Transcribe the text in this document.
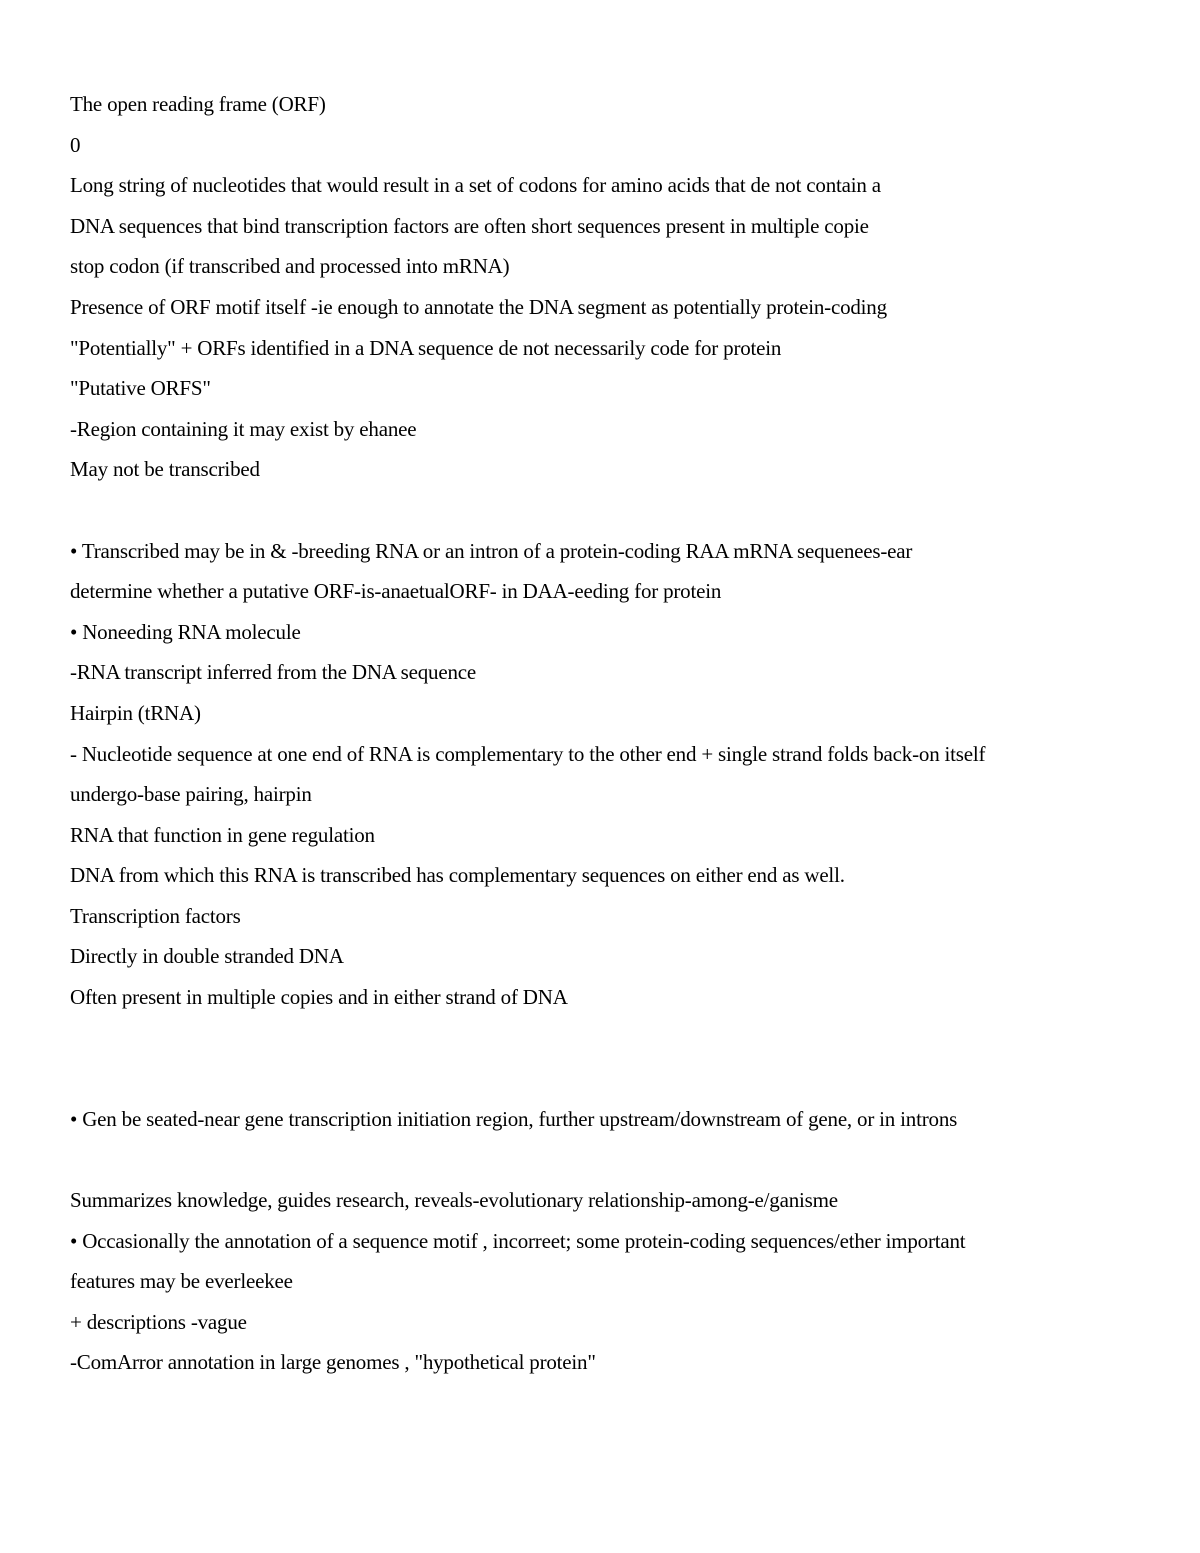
The open reading frame (ORF)
0
Long string of nucleotides that would result in a set of codons for amino acids that de not contain a
DNA sequences that bind transcription factors are often short sequences present in multiple copie
stop codon (if transcribed and processed into mRNA)
Presence of ORF motif itself -ie enough to annotate the DNA segment as potentially protein-coding
"Potentially" + ORFs identified in a DNA sequence de not necessarily code for protein
"Putative ORFS"
-Region containing it may exist by ehanee
May not be transcribed
• Transcribed may be in & -breeding RNA or an intron of a protein-coding RAA mRNA sequenees-ear
determine whether a putative ORF-is-anaetualORF- in DAA-eeding for protein
• Noneeding RNA molecule
-RNA transcript inferred from the DNA sequence
Hairpin (tRNA)
- Nucleotide sequence at one end of RNA is complementary to the other end + single strand folds back-on itself
undergo-base pairing, hairpin
RNA that function in gene regulation
DNA from which this RNA is transcribed has complementary sequences on either end as well.
Transcription factors
Directly in double stranded DNA
Often present in multiple copies and in either strand of DNA
• Gen be seated-near gene transcription initiation region, further upstream/downstream of gene, or in introns
Summarizes knowledge, guides research, reveals-evolutionary relationship-among-e/ganisme
• Occasionally the annotation of a sequence motif , incorreet; some protein-coding sequences/ether important
features may be everleekee
+ descriptions -vague
-ComArror annotation in large genomes , "hypothetical protein"
